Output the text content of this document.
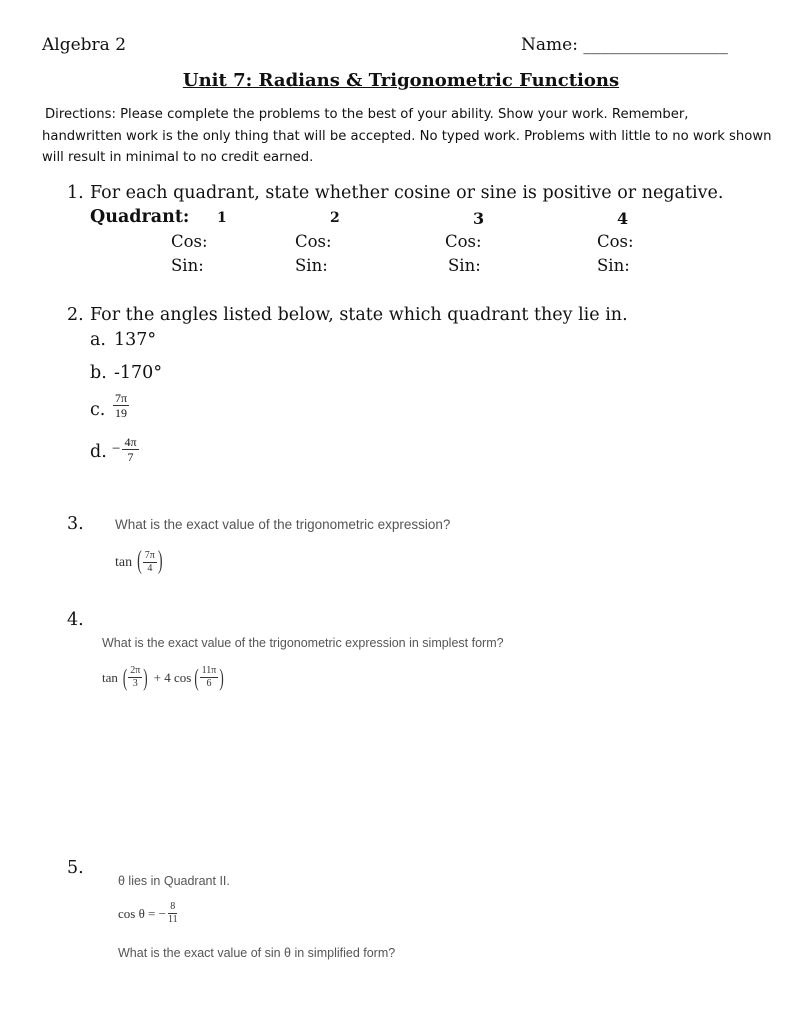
Algebra 2	Name: _________________
Unit 7: Radians & Trigonometric Functions
Directions: Please complete the problems to the best of your ability. Show your work. Remember,
handwritten work is the only thing that will be accepted. No typed work. Problems with little to no work shown
will result in minimal to no credit earned.
1. For each quadrant, state whether cosine or sine is positive or negative.
Quadrant: 1	2	3	4
Cos:	Cos:	Cos:	Cos:
Sin:	Sin:	Sin:	Sin:
2. For the angles listed below, state which quadrant they lie in.
a. 137°
b. -170°
c. $\frac{7\pi}{19}$
d. − $\frac{4\pi}{7}$
3. What is the exact value of the trigonometric expression?
tan ( $\frac{7\pi}{4}$ )
4.
What is the exact value of the trigonometric expression in simplest form?
tan ( $\frac{2\pi}{3}$ ) + 4 cos ( $\frac{11\pi}{6}$ )
5.
θ lies in Quadrant II.
cos θ = − $\frac{8}{11}$
What is the exact value of sin θ in simplified form?
